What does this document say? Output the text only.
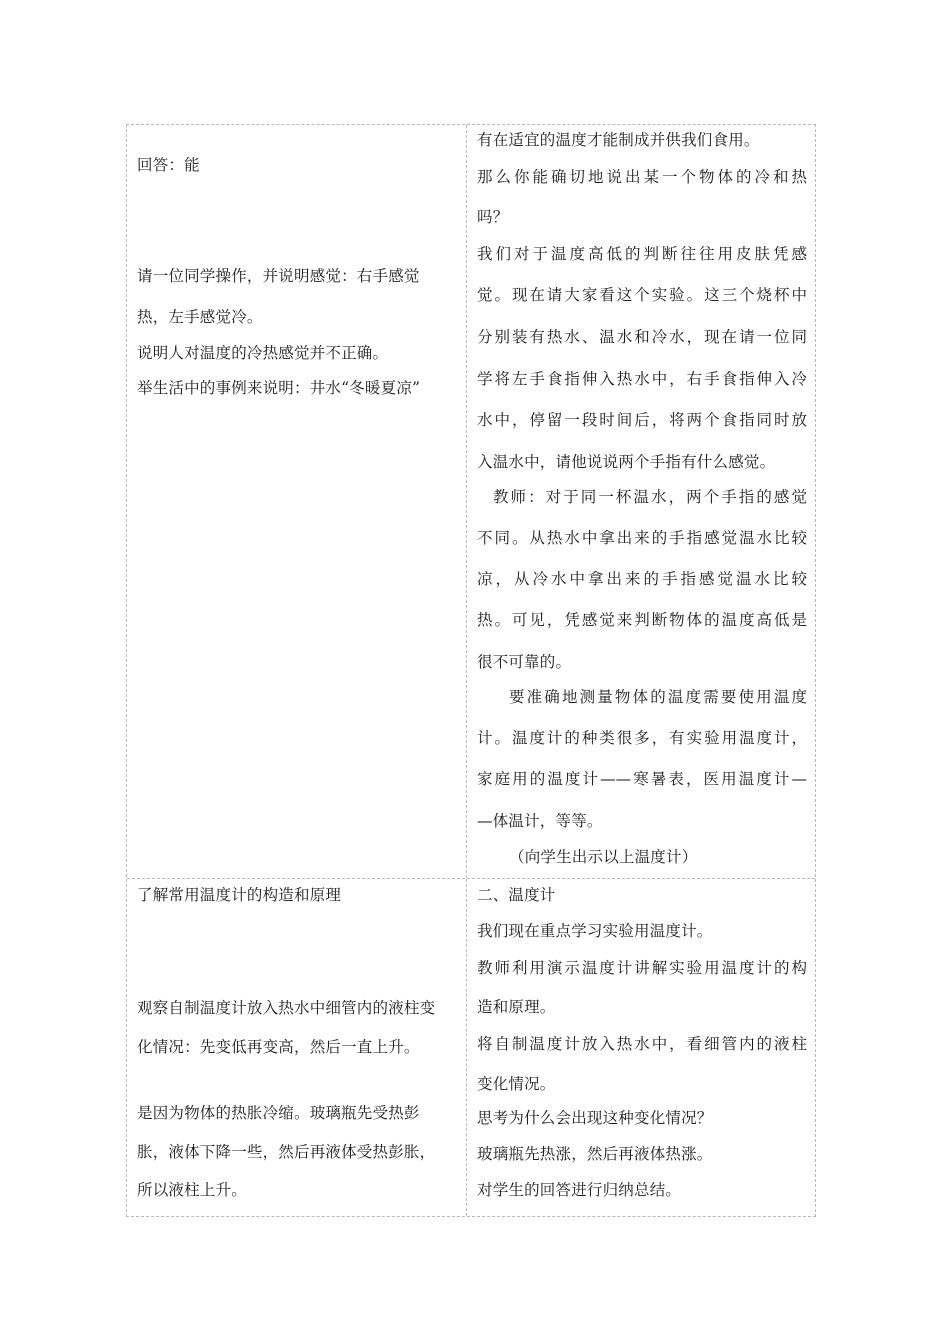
回答：能
请一位同学操作，并说明感觉：右手感觉
热，左手感觉冷。
说明人对温度的冷热感觉并不正确。
举生活中的事例来说明：井水“冬暖夏凉”
有在适宜的温度才能制成并供我们食用。
那么你能确切地说出某一个物体的冷和热
吗？
我们对于温度高低的判断往往用皮肤凭感
觉。现在请大家看这个实验。这三个烧杯中
分别装有热水、温水和冷水，现在请一位同
学将左手食指伸入热水中，右手食指伸入冷
水中，停留一段时间后，将两个食指同时放
入温水中，请他说说两个手指有什么感觉。
教师：对于同一杯温水，两个手指的感觉
不同。从热水中拿出来的手指感觉温水比较
凉，从冷水中拿出来的手指感觉温水比较
热。可见，凭感觉来判断物体的温度高低是
很不可靠的。
要准确地测量物体的温度需要使用温度
计。温度计的种类很多，有实验用温度计，
家庭用的温度计——寒暑表，医用温度计—
—体温计，等等。
（向学生出示以上温度计）
了解常用温度计的构造和原理
观察自制温度计放入热水中细管内的液柱变
化情况：先变低再变高，然后一直上升。
是因为物体的热胀冷缩。玻璃瓶先受热彭
胀，液体下降一些，然后再液体受热彭胀，
所以液柱上升。
二、温度计
我们现在重点学习实验用温度计。
教师利用演示温度计讲解实验用温度计的构
造和原理。
将自制温度计放入热水中，看细管内的液柱
变化情况。
思考为什么会出现这种变化情况？
玻璃瓶先热涨，然后再液体热涨。
对学生的回答进行归纳总结。
